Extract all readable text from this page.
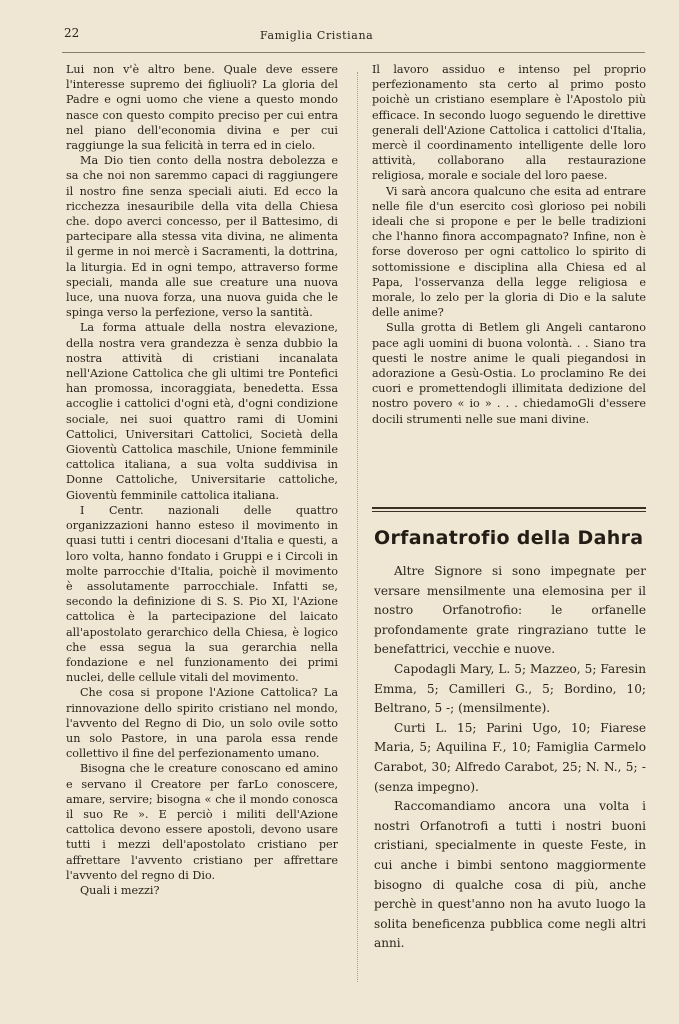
22	Famiglia Cristiana

Lui non v'è altro bene. Quale deve essere l'interesse supremo dei figliuoli? La gloria del Padre e ogni uomo che viene a questo mondo nasce con questo compito preciso per cui entra nel piano dell'economia divina e per cui raggiunge la sua felicità in terra ed in cielo.

Ma Dio tien conto della nostra debolezza e sa che noi non saremmo capaci di raggiungere il nostro fine senza speciali aiuti. Ed ecco la ricchezza inesauribile della vita della Chiesa che. dopo averci concesso, per il Battesimo, di partecipare alla stessa vita divina, ne alimenta il germe in noi mercè i Sacramenti, la dottrina, la liturgia. Ed in ogni tempo, attraverso forme speciali, manda alle sue creature una nuova luce, una nuova forza, una nuova guida che le spinga verso la perfezione, verso la santità.

La forma attuale della nostra elevazione, della nostra vera grandezza è senza dubbio la nostra attività di cristiani incanalata nell'Azione Cattolica che gli ultimi tre Pontefici han promossa, incoraggiata, benedetta. Essa accoglie i cattolici d'ogni età, d'ogni condizione sociale, nei suoi quattro rami di Uomini Cattolici, Universitari Cattolici, Società della Gioventù Cattolica maschile, Unione femminile cattolica italiana, a sua volta suddivisa in Donne Cattoliche, Universitarie cattoliche, Gioventù femminile cattolica italiana.

I Centr. nazionali delle quattro organizzazioni hanno esteso il movimento in quasi tutti i centri diocesani d'Italia e questi, a loro volta, hanno fondato i Gruppi e i Circoli in molte parrocchie d'Italia, poichè il movimento è assolutamente parrocchiale. Infatti se, secondo la definizione di S. S. Pio XI, l'Azione cattolica è la partecipazione del laicato all'apostolato gerarchico della Chiesa, è logico che essa segua la sua gerarchia nella fondazione e nel funzionamento dei primi nuclei, delle cellule vitali del movimento.

Che cosa si propone l'Azione Cattolica? La rinnovazione dello spirito cristiano nel mondo, l'avvento del Regno di Dio, un solo ovile sotto un solo Pastore, in una parola essa rende collettivo il fine del perfezionamento umano.

Bisogna che le creature conoscano ed amino e servano il Creatore per farLo conoscere, amare, servire; bisogna « che il mondo conosca il suo Re ». E perciò i militi dell'Azione cattolica devono essere apostoli, devono usare tutti i mezzi dell'apostolato cristiano per affrettare l'avvento cristiano per affrettare l'avvento del regno di Dio.

Quali i mezzi?

Il lavoro assiduo e intenso pel proprio perfezionamento sta certo al primo posto poichè un cristiano esemplare è l'Apostolo più efficace. In secondo luogo seguendo le direttive generali dell'Azione Cattolica i cattolici d'Italia, mercè il coordinamento intelligente delle loro attività, collaborano alla restaurazione religiosa, morale e sociale del loro paese.

Vi sarà ancora qualcuno che esita ad entrare nelle file d'un esercito così glorioso pei nobili ideali che si propone e per le belle tradizioni che l'hanno finora accompagnato? Infine, non è forse doveroso per ogni cattolico lo spirito di sottomissione e disciplina alla Chiesa ed al Papa, l'osservanza della legge religiosa e morale, lo zelo per la gloria di Dio e la salute delle anime?

Sulla grotta di Betlem gli Angeli cantarono pace agli uomini di buona volontà. . . Siano tra questi le nostre anime le quali piegandosi in adorazione a Gesù-Ostia. Lo proclamino Re dei cuori e promettendogli illimitata dedizione del nostro povero « io » . . . chiedamoGli d'essere docili strumenti nelle sue mani divine.

Orfanatrofio della Dahra

Altre Signore si sono impegnate per versare mensilmente una elemosina per il nostro Orfanotrofio: le orfanelle profondamente grate ringraziano tutte le benefattrici, vecchie e nuove.

Capodagli Mary, L. 5; Mazzeo, 5; Faresin Emma, 5; Camilleri G., 5; Bordino, 10; Beltrano, 5 -; (mensilmente).

Curti L. 15; Parini Ugo, 10; Fiarese Maria, 5; Aquilina F., 10; Famiglia Carmelo Carabot, 30; Alfredo Carabot, 25; N. N., 5; - (senza impegno).

Raccomandiamo ancora una volta i nostri Orfanotrofi a tutti i nostri buoni cristiani, specialmente in queste Feste, in cui anche i bimbi sentono maggiormente bisogno di qualche cosa di più, anche perchè in quest'anno non ha avuto luogo la solita beneficenza pubblica come negli altri anni.
